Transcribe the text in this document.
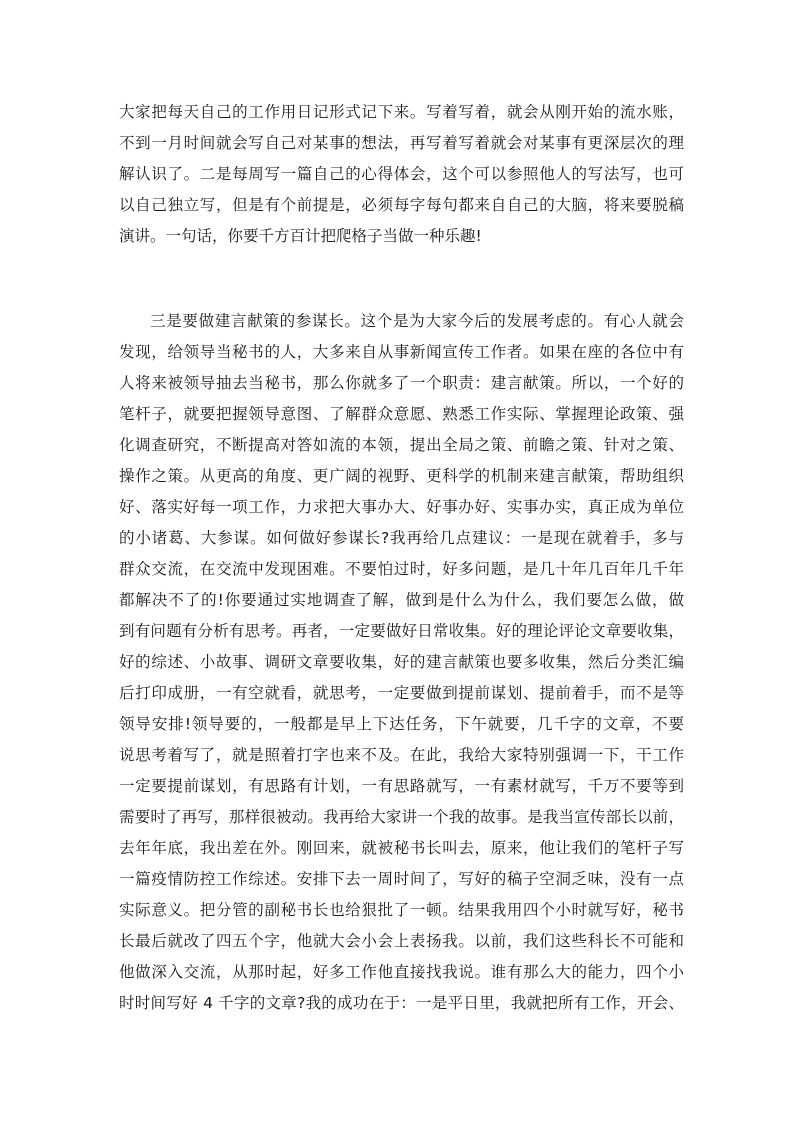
大家把每天自己的工作用日记形式记下来。写着写着，就会从刚开始的流水账，
不到一月时间就会写自己对某事的想法，再写着写着就会对某事有更深层次的理
解认识了。二是每周写一篇自己的心得体会，这个可以参照他人的写法写，也可
以自己独立写，但是有个前提是，必须每字每句都来自自己的大脑，将来要脱稿
演讲。一句话，你要千方百计把爬格子当做一种乐趣!
三是要做建言献策的参谋长。这个是为大家今后的发展考虑的。有心人就会
发现，给领导当秘书的人，大多来自从事新闻宣传工作者。如果在座的各位中有
人将来被领导抽去当秘书，那么你就多了一个职责：建言献策。所以，一个好的
笔杆子，就要把握领导意图、了解群众意愿、熟悉工作实际、掌握理论政策、强
化调查研究，不断提高对答如流的本领，提出全局之策、前瞻之策、针对之策、
操作之策。从更高的角度、更广阔的视野、更科学的机制来建言献策，帮助组织
好、落实好每一项工作，力求把大事办大、好事办好、实事办实，真正成为单位
的小诸葛、大参谋。如何做好参谋长?我再给几点建议：一是现在就着手，多与
群众交流，在交流中发现困难。不要怕过时，好多问题，是几十年几百年几千年
都解决不了的!你要通过实地调查了解，做到是什么为什么，我们要怎么做，做
到有问题有分析有思考。再者，一定要做好日常收集。好的理论评论文章要收集，
好的综述、小故事、调研文章要收集，好的建言献策也要多收集，然后分类汇编
后打印成册，一有空就看，就思考，一定要做到提前谋划、提前着手，而不是等
领导安排!领导要的，一般都是早上下达任务，下午就要，几千字的文章，不要
说思考着写了，就是照着打字也来不及。在此，我给大家特别强调一下，干工作
一定要提前谋划，有思路有计划，一有思路就写，一有素材就写，千万不要等到
需要时了再写，那样很被动。我再给大家讲一个我的故事。是我当宣传部长以前，
去年年底，我出差在外。刚回来，就被秘书长叫去，原来，他让我们的笔杆子写
一篇疫情防控工作综述。安排下去一周时间了，写好的稿子空洞乏味，没有一点
实际意义。把分管的副秘书长也给狠批了一顿。结果我用四个小时就写好，秘书
长最后就改了四五个字，他就大会小会上表扬我。以前，我们这些科长不可能和
他做深入交流，从那时起，好多工作他直接找我说。谁有那么大的能力，四个小
时时间写好 4 千字的文章?我的成功在于：一是平日里，我就把所有工作，开会、
